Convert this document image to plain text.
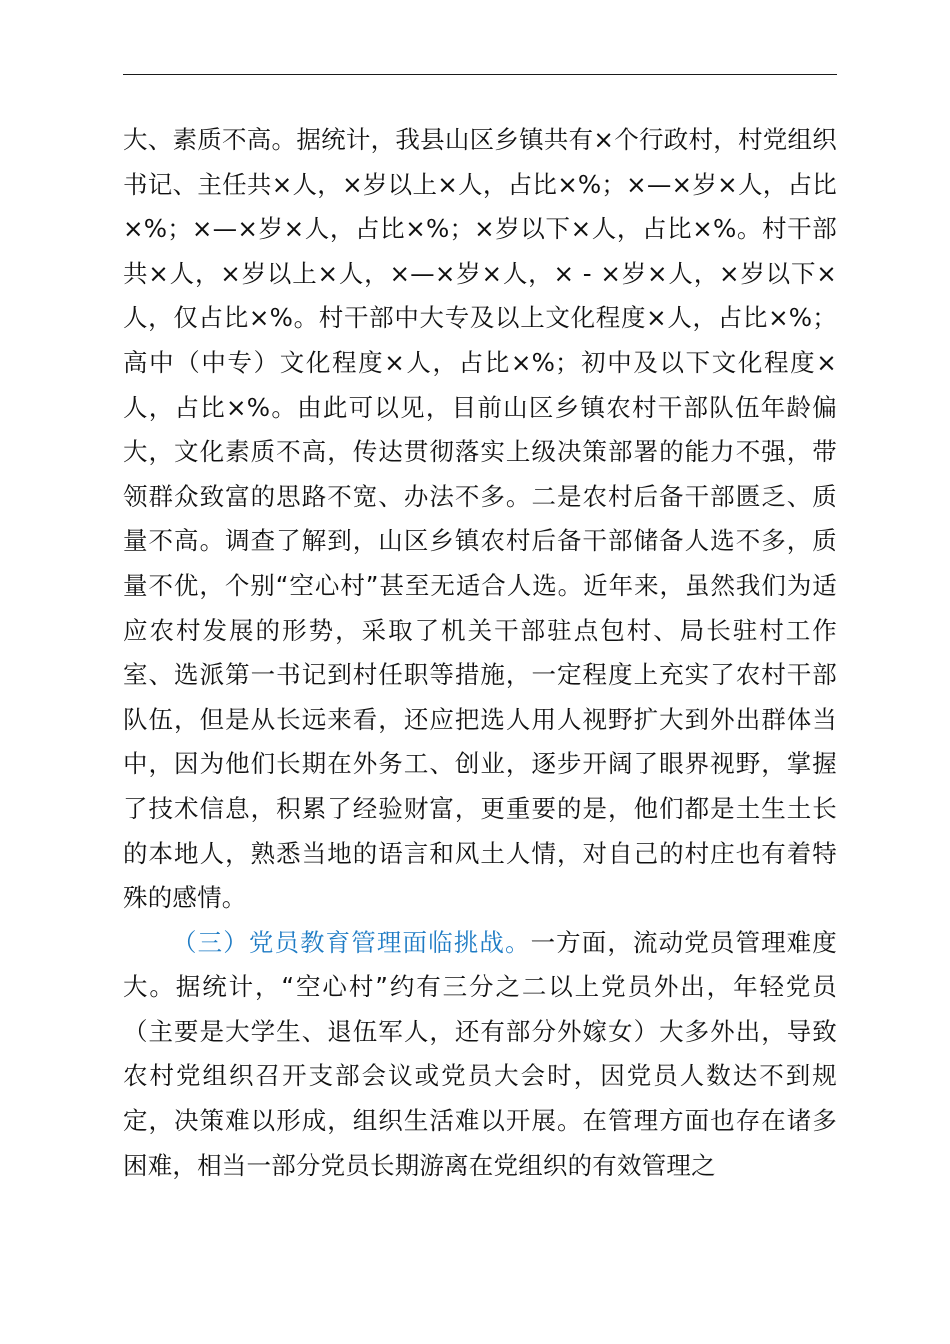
大、素质不高。据统计，我县山区乡镇共有×个行政村，村党组织书记、主任共×人，×岁以上×人，占比×%；×—×岁×人，占比×%；×—×岁×人，占比×%；×岁以下×人，占比×%。村干部共×人，×岁以上×人，×—×岁×人，× - ×岁×人，×岁以下×人，仅占比×%。村干部中大专及以上文化程度×人，占比×%；高中（中专）文化程度×人，占比×%；初中及以下文化程度×人，占比×%。由此可以见，目前山区乡镇农村干部队伍年龄偏大，文化素质不高，传达贯彻落实上级决策部署的能力不强，带领群众致富的思路不宽、办法不多。二是农村后备干部匮乏、质量不高。调查了解到，山区乡镇农村后备干部储备人选不多，质量不优，个别“空心村”甚至无适合人选。近年来，虽然我们为适应农村发展的形势，采取了机关干部驻点包村、局长驻村工作室、选派第一书记到村任职等措施，一定程度上充实了农村干部队伍，但是从长远来看，还应把选人用人视野扩大到外出群体当中，因为他们长期在外务工、创业，逐步开阔了眼界视野，掌握了技术信息，积累了经验财富，更重要的是，他们都是土生土长的本地人，熟悉当地的语言和风土人情，对自己的村庄也有着特殊的感情。

（三）党员教育管理面临挑战。一方面，流动党员管理难度大。据统计，“空心村”约有三分之二以上党员外出，年轻党员（主要是大学生、退伍军人，还有部分外嫁女）大多外出，导致农村党组织召开支部会议或党员大会时，因党员人数达不到规定，决策难以形成，组织生活难以开展。在管理方面也存在诸多困难，相当一部分党员长期游离在党组织的有效管理之
